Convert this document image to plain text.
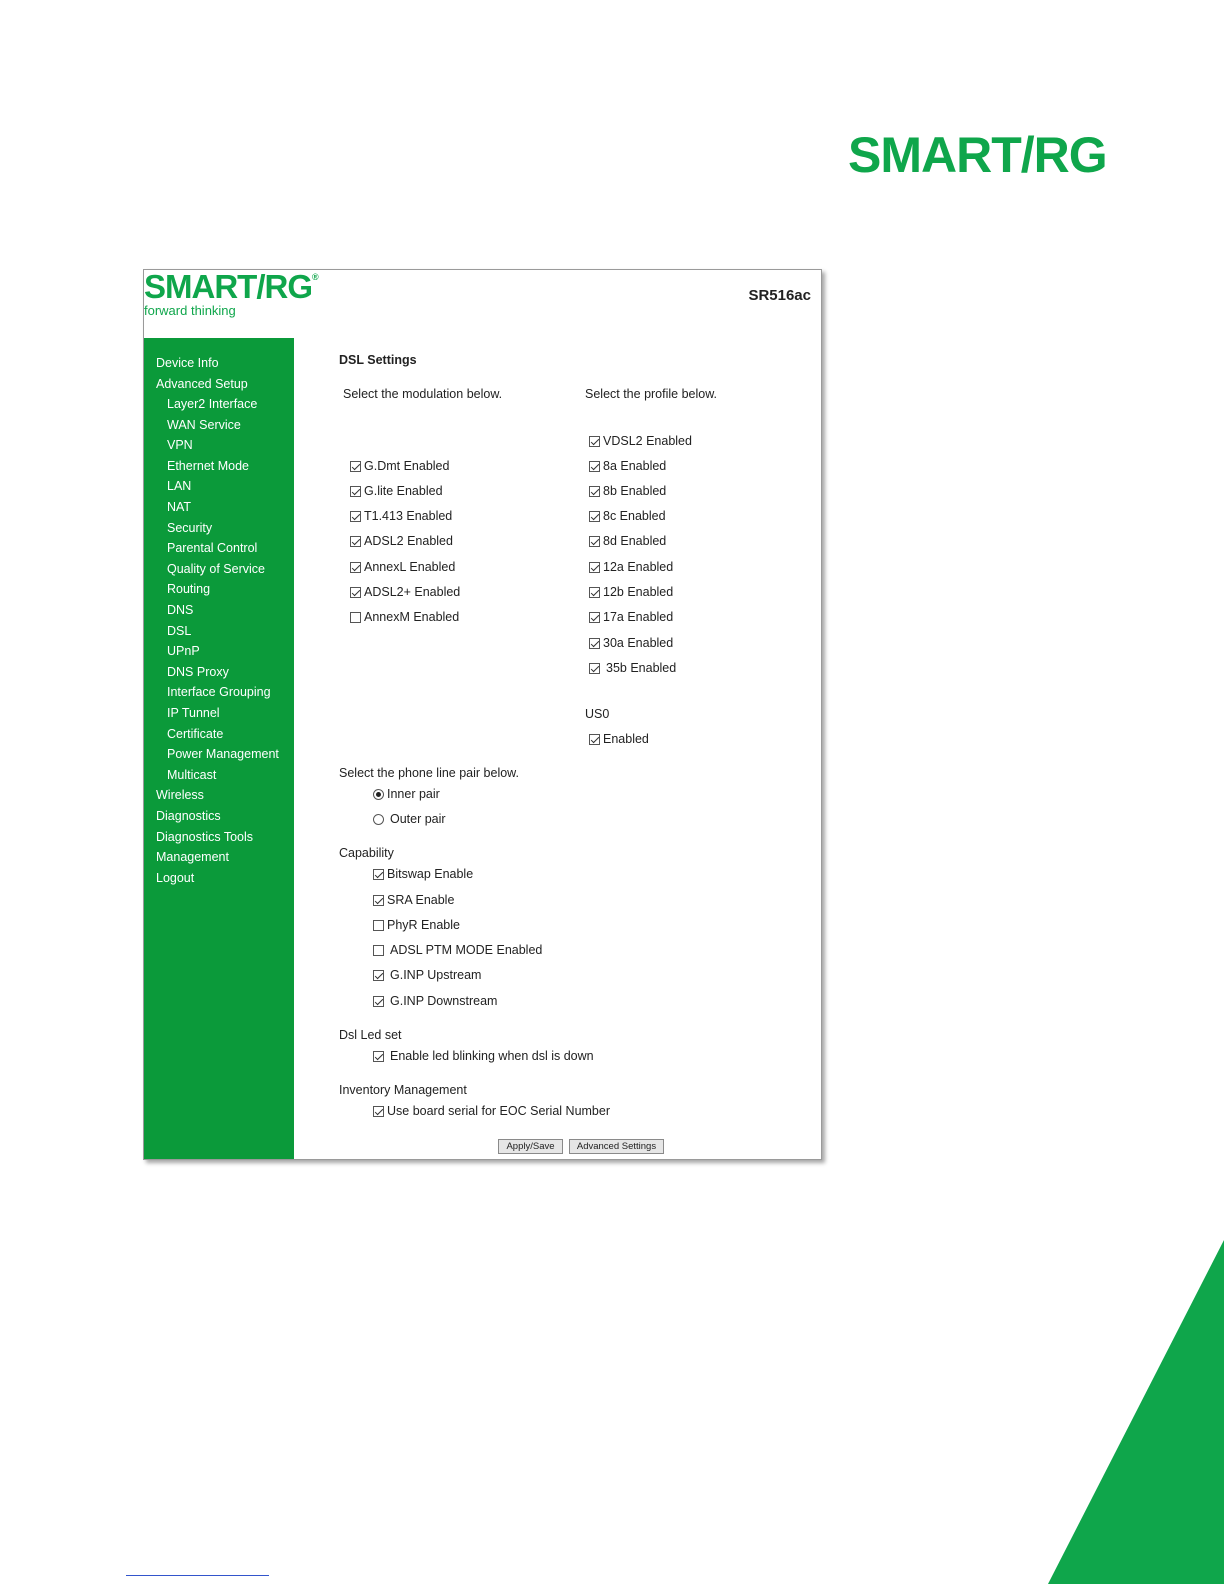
SMART/RG
SMART/RG®
forward thinking
SR516ac
Device Info
Advanced Setup
Layer2 Interface
WAN Service
VPN
Ethernet Mode
LAN
NAT
Security
Parental Control
Quality of Service
Routing
DNS
DSL
UPnP
DNS Proxy
Interface Grouping
IP Tunnel
Certificate
Power Management
Multicast
Wireless
Diagnostics
Diagnostics Tools
Management
Logout
DSL Settings
Select the modulation below.	Select the profile below.
G.Dmt Enabled
G.lite Enabled
T1.413 Enabled
ADSL2 Enabled
AnnexL Enabled
ADSL2+ Enabled
AnnexM Enabled
VDSL2 Enabled
8a Enabled
8b Enabled
8c Enabled
8d Enabled
12a Enabled
12b Enabled
17a Enabled
30a Enabled
35b Enabled
US0
Enabled
Select the phone line pair below.
Inner pair
Outer pair
Capability
Bitswap Enable
SRA Enable
PhyR Enable
ADSL PTM MODE Enabled
G.INP Upstream
G.INP Downstream
Dsl Led set
Enable led blinking when dsl is down
Inventory Management
Use board serial for EOC Serial Number
Apply/Save	Advanced Settings
